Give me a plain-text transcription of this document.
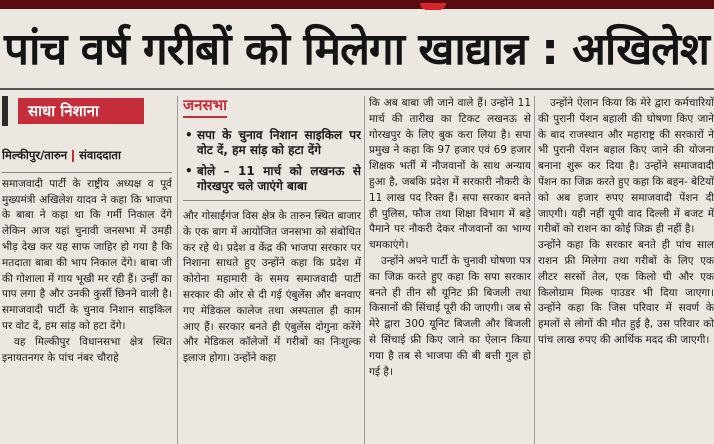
पांच वर्ष गरीबों को मिलेगा खाद्यान्न : अखिलेश
साधा निशाना
मिल्कीपुर/तारुन संवाददाता

समाजवादी पार्टी के राष्ट्रीय अध्यक्ष व पूर्व मुख्यमंत्री अखिलेश यादव ने कहा कि भाजपा के बाबा ने कहा था कि गर्मी निकाल देंगे लेकिन आज यहां चुनावी जनसभा में उमड़ी भीड़ देख कर यह साफ जाहिर हो गया है कि मतदाता बाबा की भाप निकाल देंगे। बाबा जी की गोशाला में गाय भूखी मर रही हैं। उन्हीं का पाप लगा है और उनकी कुर्सी छिनने वाली है। समाजवादी पार्टी के चुनाव निशान साइकिल पर वोट दें, हम सांड़ को हटा देंगे।

वह मिल्कीपुर विधानसभा क्षेत्र स्थित इनायतनगर के पांच नंबर चौराहे

जनसभा
• सपा के चुनाव निशान साइकिल पर वोट दें, हम सांड़ को हटा देंगे
• बोले – 11 मार्च को लखनऊ से गोरखपुर चले जाएंगे बाबा

और गोसाईंगंज विस क्षेत्र के तारुन स्थित बाजार के एक बाग में आयोजित जनसभा को संबोधित कर रहे थे। प्रदेश व केंद्र की भाजपा सरकार पर निशाना साधते हुए उन्होंने कहा कि प्रदेश में कोरोना महामारी के समय समाजवादी पार्टी सरकार की ओर से दी गई एंबुलेंस और बनवाए गए मेडिकल कालेज तथा अस्पताल ही काम आए हैं। सरकार बनते ही एंबुलेंस दोगुना करेंगे और मेडिकल कॉलेजों में गरीबों का निःशुल्क इलाज होगा। उन्होंने कहा

कि अब बाबा जी जाने वाले हैं। उन्होंने 11 मार्च की तारीख का टिकट लखनऊ से गोरखपुर के लिए बुक करा लिया है। सपा प्रमुख ने कहा कि 97 हजार एवं 69 हजार शिक्षक भर्ती में नौजवानों के साथ अन्याय हुआ है, जबकि प्रदेश में सरकारी नौकरी के 11 लाख पद रिक्त हैं। सपा सरकार बनते ही पुलिस, फौज तथा शिक्षा विभाग में बड़े पैमाने पर नौकरी देकर नौजवानों का भाग्य चमकाएंगे।

उन्होंने अपने पार्टी के चुनावी घोषणा पत्र का जिक्र करते हुए कहा कि सपा सरकार बनते ही तीन सौ यूनिट फ्री बिजली तथा किसानों की सिंचाई पूरी की जाएगी। जब से मेरे द्वारा 300 यूनिट बिजली और बिजली से सिंचाई फ्री किए जाने का ऐलान किया गया है तब से भाजपा की बी बत्ती गुल हो गई है।

उन्होंने ऐलान किया कि मेरे द्वारा कर्मचारियों की पुरानी पेंशन बहाली की घोषणा किए जाने के बाद राजस्थान और महाराष्ट्र की सरकारों ने भी पुरानी पेंशन बहाल किए जाने की योजना बनाना शुरू कर दिया है। उन्होंने समाजवादी पेंशन का जिक्र करते हुए कहा कि बहन- बेटियों को अब हजार रुपए समाजवादी पेंशन दी जाएगी। यही नहीं यूपी वाद दिल्ली में बजट में गरीबों को राशन का कोई जिक्र ही नहीं है।

उन्होंने कहा कि सरकार बनते ही पांच साल राशन फ्री मिलेगा तथा गरीबों के लिए एक लीटर सरसों तेल, एक किलो घी और एक किलोग्राम मिल्क पाउडर भी दिया जाएगा। उन्होंने कहा कि जिस परिवार में सवर्ण के हमलों से लोगों की मौत हुई है, उस परिवार को पांच लाख रुपए की आर्थिक मदद की जाएगी।
